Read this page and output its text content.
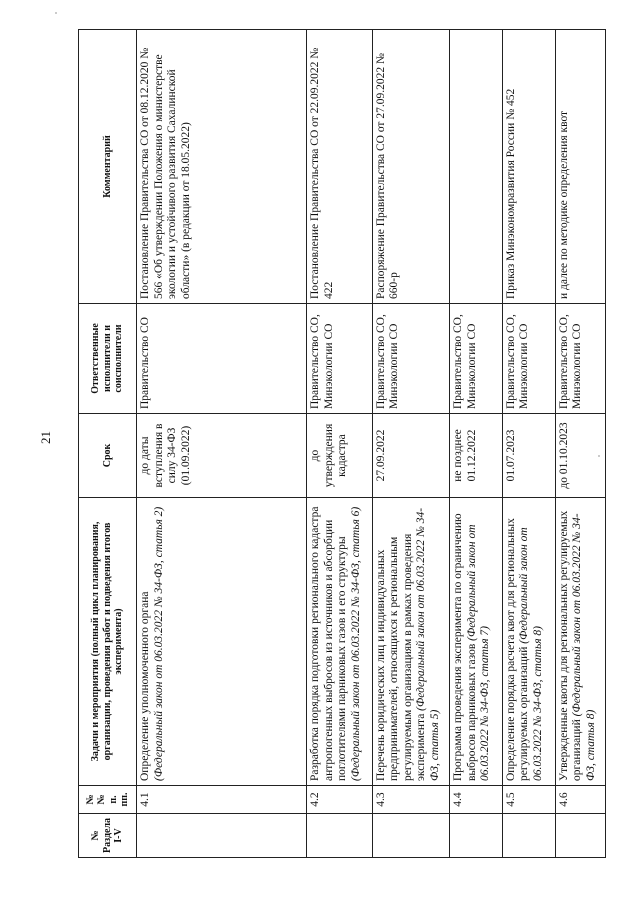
21
№ Раздела I-V	№№ п. пп.	Задачи и мероприятия (полный цикл планирования, организации, проведения работ и подведения итогов эксперимента)	Срок	Ответственные исполнители и соисполнители	Комментарий
	4.1	Определение уполномоченного органа (Федеральный закон от 06.03.2022 № 34-ФЗ, статья 2)	до даты вступления в силу 34-ФЗ (01.09.2022)	Правительство СО	Постановление Правительства СО от 08.12.2020 № 566 «Об утверждении Положения о министерстве экологии и устойчивого развития Сахалинской области» (в редакции от 18.05.2022)
	4.2	Разработка порядка подготовки регионального кадастра антропогенных выбросов из источников и абсорбции поглотителями парниковых газов и его структуры (Федеральный закон от 06.03.2022 № 34-ФЗ, статья 6)	до утверждения кадастра	Правительство СО, Минэкологии СО	Постановление Правительства СО от 22.09.2022 № 422
	4.3	Перечень юридических лиц и индивидуальных предпринимателей, относящихся к региональным регулируемым организациям в рамках проведения эксперимента (Федеральный закон от 06.03.2022 № 34-ФЗ, статья 5)	27.09.2022	Правительство СО, Минэкологии СО	Распоряжение Правительства СО от 27.09.2022 № 660-р
	4.4	Программа проведения эксперимента по ограничению выбросов парниковых газов (Федеральный закон от 06.03.2022 № 34-ФЗ, статья 7)	не позднее 01.12.2022	Правительство СО, Минэкологии СО	
	4.5	Определение порядка расчета квот для региональных регулируемых организаций (Федеральный закон от 06.03.2022 № 34-ФЗ, статья 8)	01.07.2023	Правительство СО, Минэкологии СО	Приказ Минэкономразвития России № 452
	4.6	Утвержденные квоты для региональных регулируемых организаций (Федеральный закон от 06.03.2022 № 34-ФЗ, статья 8)	до 01.10.2023	Правительство СО, Минэкологии СО	и далее по методике определения квот
